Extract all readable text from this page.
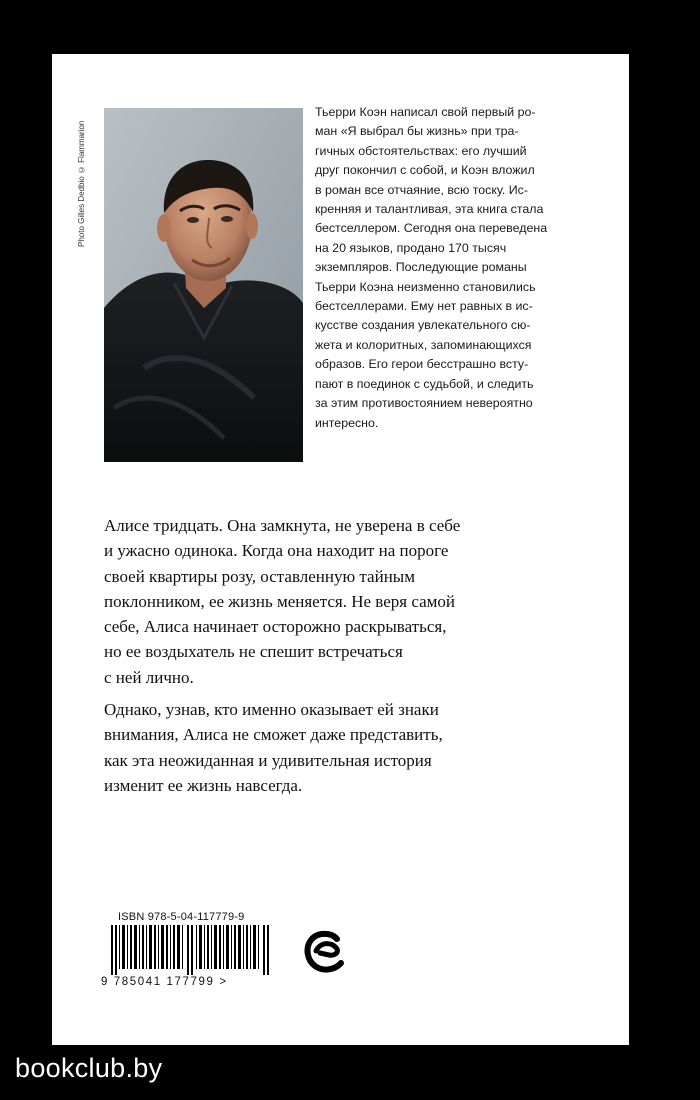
Photo Gilles Dedbio © Flammarion
Тьерри Коэн написал свой первый ро-
ман «Я выбрал бы жизнь» при тра-
гичных обстоятельствах: его лучший
друг покончил с собой, и Коэн вложил
в роман все отчаяние, всю тоску. Ис-
кренняя и талантливая, эта книга стала
бестселлером. Сегодня она переведена
на 20 языков, продано 170 тысяч
экземпляров. Последующие романы
Тьерри Коэна неизменно становились
бестселлерами. Ему нет равных в ис-
кусстве создания увлекательного сю-
жета и колоритных, запоминающихся
образов. Его герои бесстрашно всту-
пают в поединок с судьбой, и следить
за этим противостоянием невероятно
интересно.
Алисе тридцать. Она замкнута, не уверена в себе
и ужасно одинока. Когда она находит на пороге
своей квартиры розу, оставленную тайным
поклонником, ее жизнь меняется. Не веря самой
себе, Алиса начинает осторожно раскрываться,
но ее воздыхатель не спешит встречаться
с ней лично.
Однако, узнав, кто именно оказывает ей знаки
внимания, Алиса не сможет даже представить,
как эта неожиданная и удивительная история
изменит ее жизнь навсегда.
ISBN 978-5-04-117779-9
9 785041 177799 >
bookclub.by
